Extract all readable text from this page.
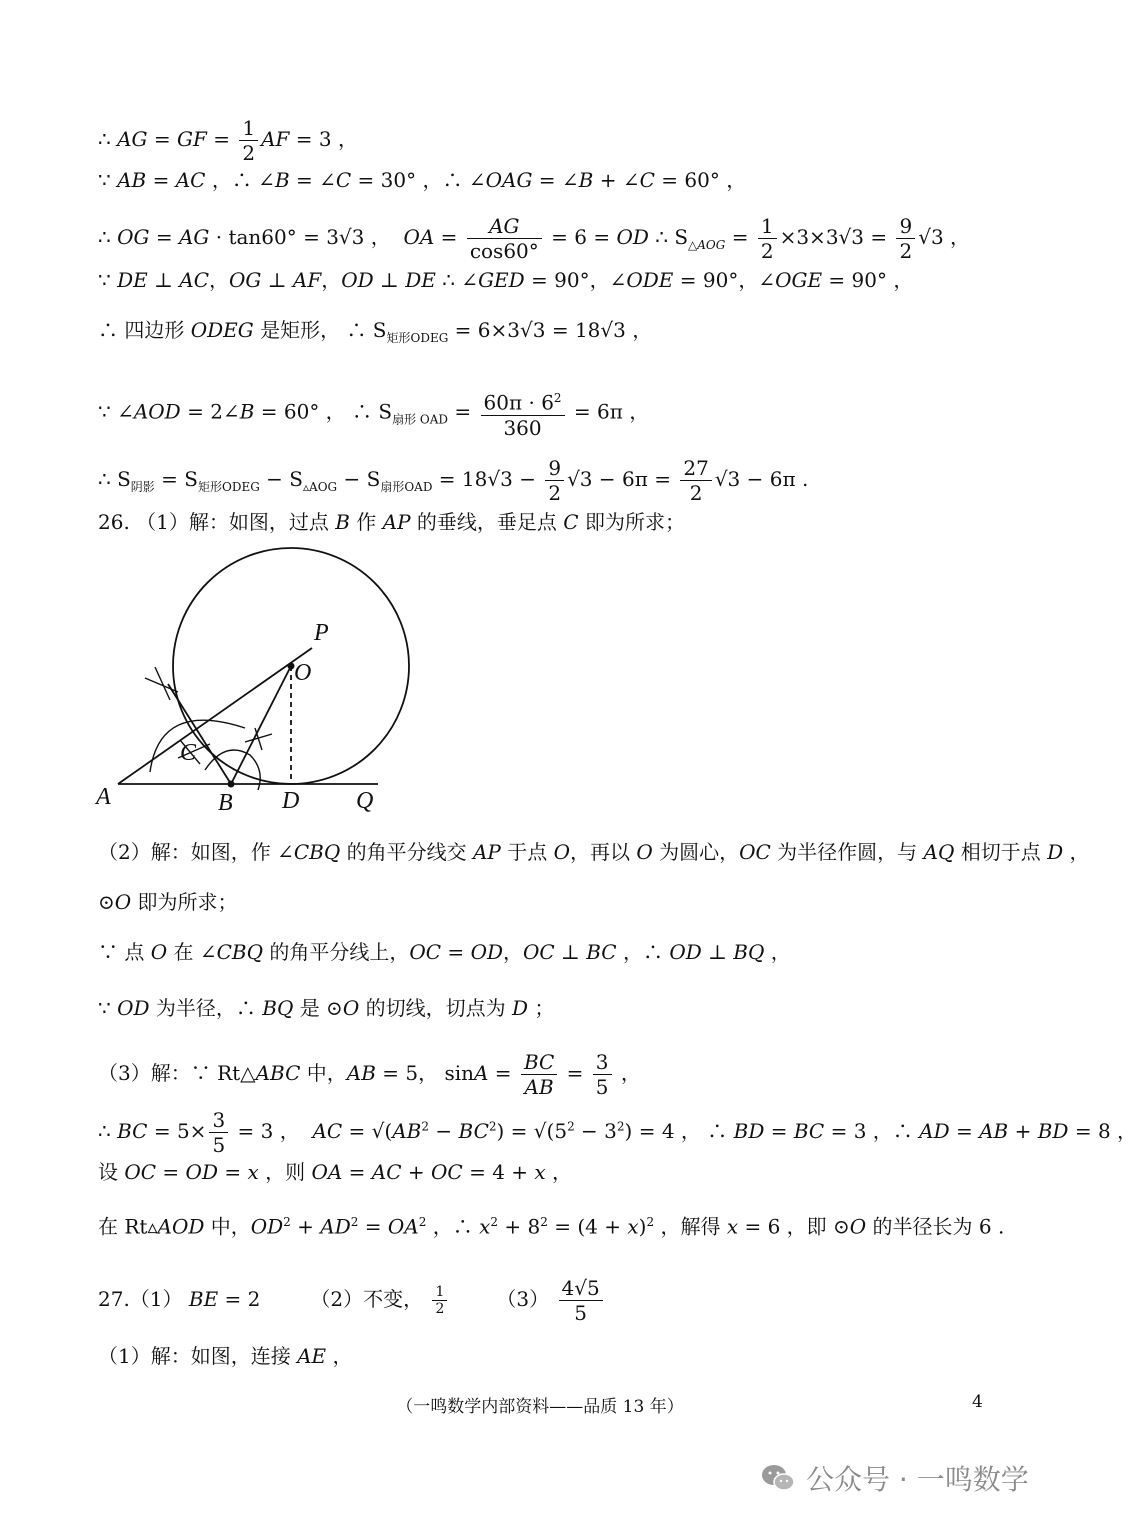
∴ AG = GF = $\frac{1}{2}$ AF = 3 ，
∵ AB = AC ，∴ ∠B = ∠C = 30° ，∴ ∠OAG = ∠B + ∠C = 60° ，
∴ OG = AG · tan60° = 3√3 ，  OA = $\frac{AG}{\cos 60^\circ} = 6$ = OD ∴ $S_{\triangle AOG} = \frac{1}{2} \times 3\times 3√3 = \frac{9}{2} √3$ ，
∵ DE ⊥ AC，OG ⊥ AF，OD ⊥ DE ∴ ∠GED = 90°，∠ODE = 90°，∠OGE = 90° ，
∴ 四边形 ODEG 是矩形， ∴ $S_{矩形ODEG} = 6\times 3√3 = 18√3$ ，
∵ ∠AOD = 2∠B = 60° ， ∴ $S_{扇形 OAD} = \frac{60\pi \cdot 6^2}{360} = 6\pi$ ，
∴ $S_{阴影} = S_{矩形ODEG} - S_{▵AOG} - S_{扇形OAD} = 18√3 - \frac{9}{2} √3 - 6\pi = \frac{27}{2} √3 - 6\pi$ .
26. （1）解：如图，过点 B 作 AP 的垂线，垂足点 C 即为所求；
A	B
C
D
O
P
Q
（2）解：如图，作 ∠CBQ 的角平分线交 AP 于点 O，再以 O 为圆心，OC 为半径作圆，与 AQ 相切于点 D ，
⊙O 即为所求；
∵ 点 O 在 ∠CBQ 的角平分线上，OC = OD，OC ⊥ BC ，∴ OD ⊥ BQ ，
∵ OD 为半径，∴ BQ 是 ⊙O 的切线，切点为 D ；
（3）解：∵ Rt△ABC 中，AB = 5， $\sin A = \frac{BC}{AB} = \frac{3}{5}$ ，
∴ BC = $5\times \frac{3}{5} = 3$ ，  AC = $√(AB^2 - BC^2) = √(5^2 - 3^2) = 4$ ， ∴ BD = BC = 3 ，∴ AD = AB + BD = 8 ，
设 OC = OD = x ，则 OA = AC + OC = 4 + x ，
在 Rt▵AOD 中，$OD^2 + AD^2 = OA^2$ ，∴ $x^2 + 8^2 = (4 + x)^2$ ，解得 x = 6 ，即 ⊙O 的半径长为 6 .
27.（1） BE = 2	（2）不变， $\frac{1}{2} (3) \frac{4√5}{5}$
（1）解：如图，连接 AE ，
（一鸣数学内部资料——品质 13 年）	4
公众号 · 一鸣数学
